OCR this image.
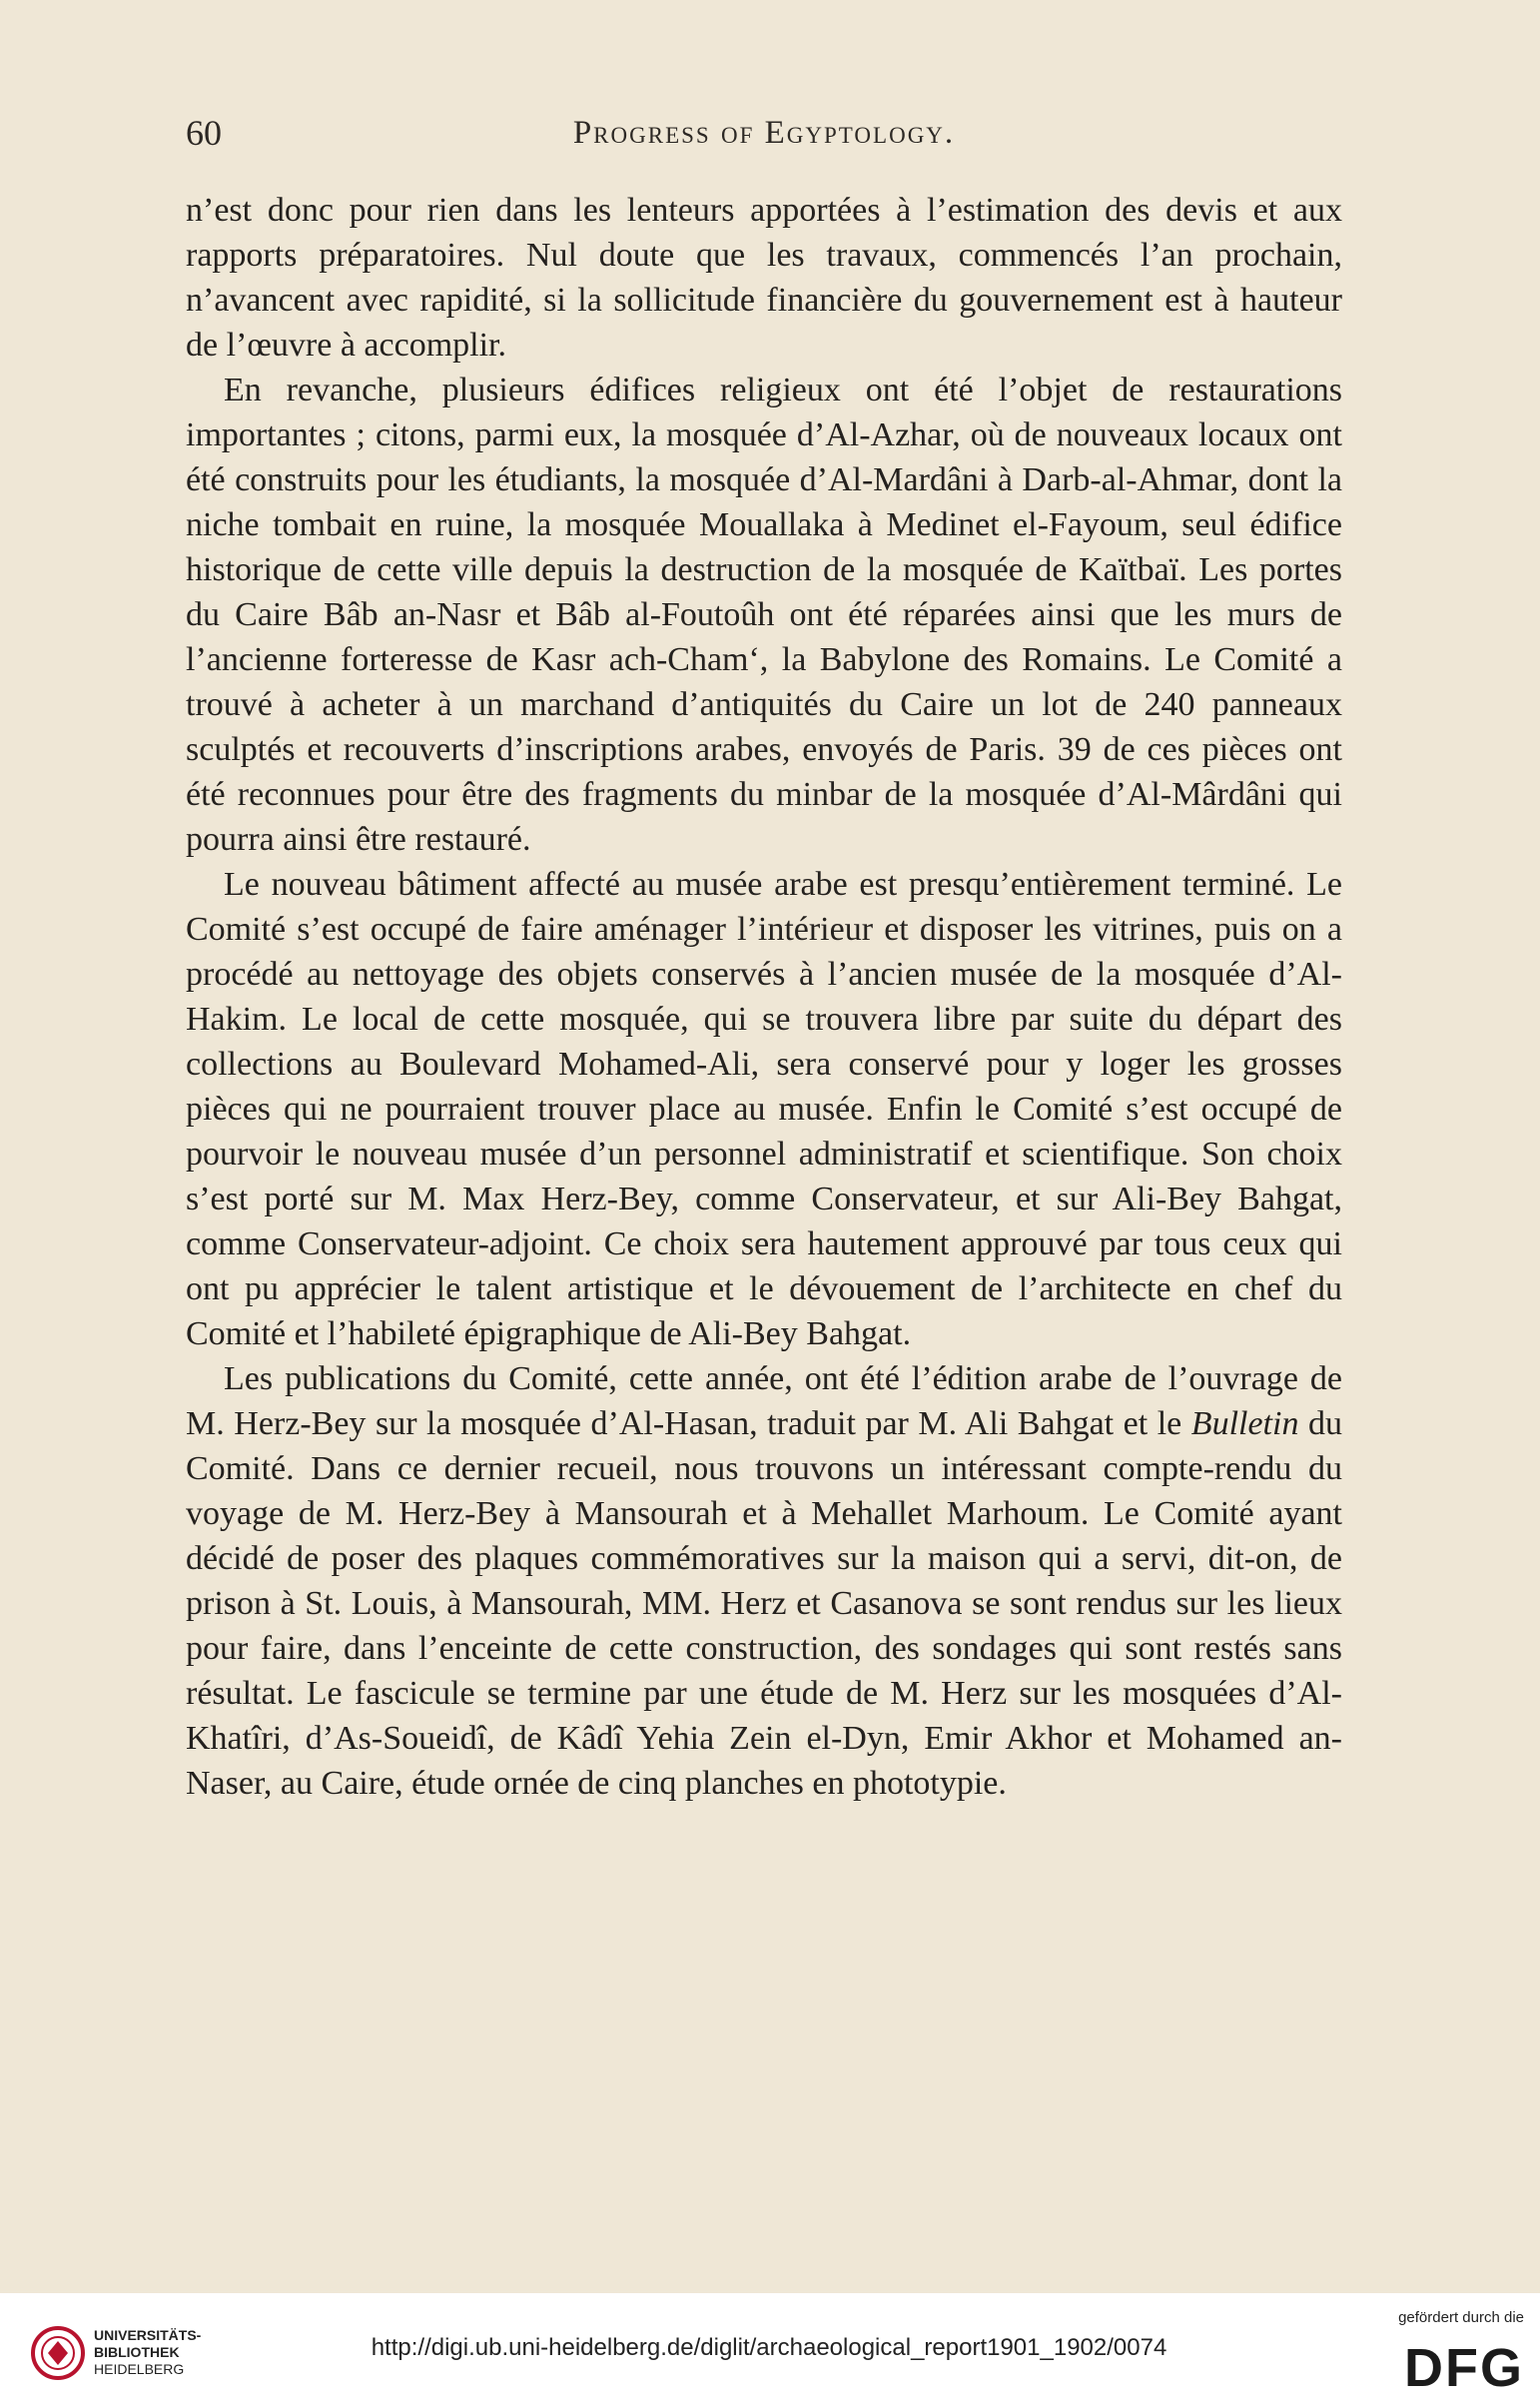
60	Progress of Egyptology.

n’est donc pour rien dans les lenteurs apportées à l’estimation des devis et aux rapports préparatoires. Nul doute que les travaux, commencés l’an prochain, n’avancent avec rapidité, si la sollicitude financière du gouvernement est à hauteur de l’œuvre à accomplir.

En revanche, plusieurs édifices religieux ont été l’objet de restaurations importantes ; citons, parmi eux, la mosquée d’Al-Azhar, où de nouveaux locaux ont été construits pour les étudiants, la mosquée d’Al-Mardâni à Darb-al-Ahmar, dont la niche tombait en ruine, la mosquée Mouallaka à Medinet el-Fayoum, seul édifice historique de cette ville depuis la destruction de la mosquée de Kaïtbaï. Les portes du Caire Bâb an-Nasr et Bâb al-Foutoûh ont été réparées ainsi que les murs de l’ancienne forteresse de Kasr ach-Cham‘, la Babylone des Romains. Le Comité a trouvé à acheter à un marchand d’antiquités du Caire un lot de 240 panneaux sculptés et recouverts d’inscriptions arabes, envoyés de Paris. 39 de ces pièces ont été reconnues pour être des fragments du minbar de la mosquée d’Al-Mârdâni qui pourra ainsi être restauré.

Le nouveau bâtiment affecté au musée arabe est presqu’entièrement terminé. Le Comité s’est occupé de faire aménager l’intérieur et disposer les vitrines, puis on a procédé au nettoyage des objets conservés à l’ancien musée de la mosquée d’Al-Hakim. Le local de cette mosquée, qui se trouvera libre par suite du départ des collections au Boulevard Mohamed-Ali, sera conservé pour y loger les grosses pièces qui ne pourraient trouver place au musée. Enfin le Comité s’est occupé de pourvoir le nouveau musée d’un personnel administratif et scientifique. Son choix s’est porté sur M. Max Herz-Bey, comme Conservateur, et sur Ali-Bey Bahgat, comme Conservateur-adjoint. Ce choix sera hautement approuvé par tous ceux qui ont pu apprécier le talent artistique et le dévouement de l’architecte en chef du Comité et l’habileté épigraphique de Ali-Bey Bahgat.

Les publications du Comité, cette année, ont été l’édition arabe de l’ouvrage de M. Herz-Bey sur la mosquée d’Al-Hasan, traduit par M. Ali Bahgat et le Bulletin du Comité. Dans ce dernier recueil, nous trouvons un intéressant compte-rendu du voyage de M. Herz-Bey à Mansourah et à Mehallet Marhoum. Le Comité ayant décidé de poser des plaques commémoratives sur la maison qui a servi, dit-on, de prison à St. Louis, à Mansourah, MM. Herz et Casanova se sont rendus sur les lieux pour faire, dans l’enceinte de cette construction, des sondages qui sont restés sans résultat. Le fascicule se termine par une étude de M. Herz sur les mosquées d’Al-Khatîri, d’As-Soueidî, de Kâdî Yehia Zein el-Dyn, Emir Akhor et Mohamed an-Naser, au Caire, étude ornée de cinq planches en phototypie.

UNIVERSITÄTS-
BIBLIOTHEK
HEIDELBERG
http://digi.ub.uni-heidelberg.de/diglit/archaeological_report1901_1902/0074
gefördert durch die
DFG
